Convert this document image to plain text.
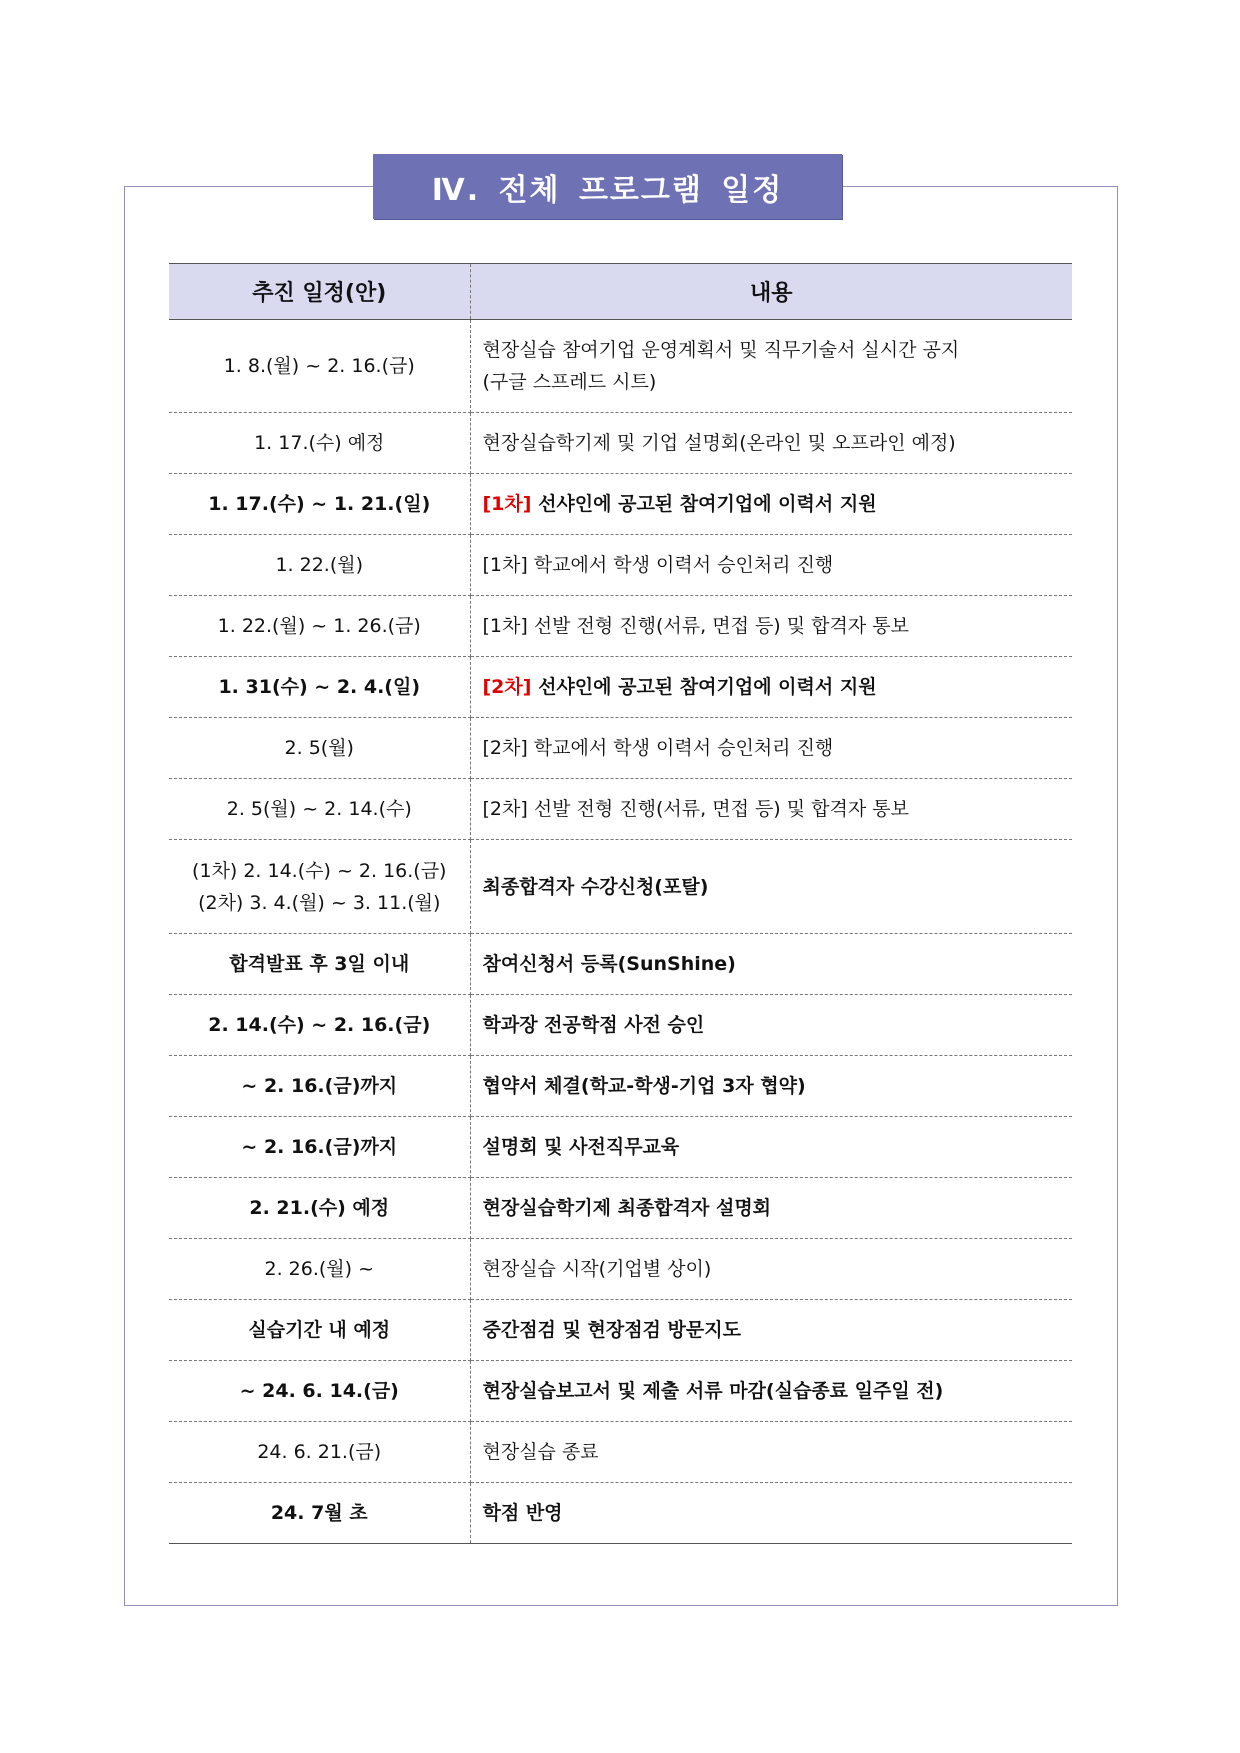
Ⅳ. 전체 프로그램 일정
추진 일정(안)	내용
1. 8.(월) ~ 2. 16.(금)	현장실습 참여기업 운영계획서 및 직무기술서 실시간 공지
(구글 스프레드 시트)

1. 17.(수) 예정	현장실습학기제 및 기업 설명회(온라인 및 오프라인 예정)
1. 17.(수) ~ 1. 21.(일)	[1차] 선샤인에 공고된 참여기업에 이력서 지원
1. 22.(월)	[1차] 학교에서 학생 이력서 승인처리 진행
1. 22.(월) ~ 1. 26.(금)	[1차] 선발 전형 진행(서류, 면접 등) 및 합격자 통보
1. 31(수) ~ 2. 4.(일)	[2차] 선샤인에 공고된 참여기업에 이력서 지원
2. 5(월)	[2차] 학교에서 학생 이력서 승인처리 진행
2. 5(월) ~ 2. 14.(수)	[2차] 선발 전형 진행(서류, 면접 등) 및 합격자 통보

(1차) 2. 14.(수) ~ 2. 16.(금)
(2차) 3. 4.(월) ~ 3. 11.(월)	최종합격자 수강신청(포탈)
합격발표 후 3일 이내	참여신청서 등록(SunShine)
2. 14.(수) ~ 2. 16.(금)	학과장 전공학점 사전 승인
~ 2. 16.(금)까지	협약서 체결(학교-학생-기업 3자 협약)
~ 2. 16.(금)까지	설명회 및 사전직무교육
2. 21.(수) 예정	현장실습학기제 최종합격자 설명회
2. 26.(월) ~	현장실습 시작(기업별 상이)
실습기간 내 예정	중간점검 및 현장점검 방문지도
~ 24. 6. 14.(금)	현장실습보고서 및 제출 서류 마감(실습종료 일주일 전)
24. 6. 21.(금)	현장실습 종료
24. 7월 초	학점 반영
